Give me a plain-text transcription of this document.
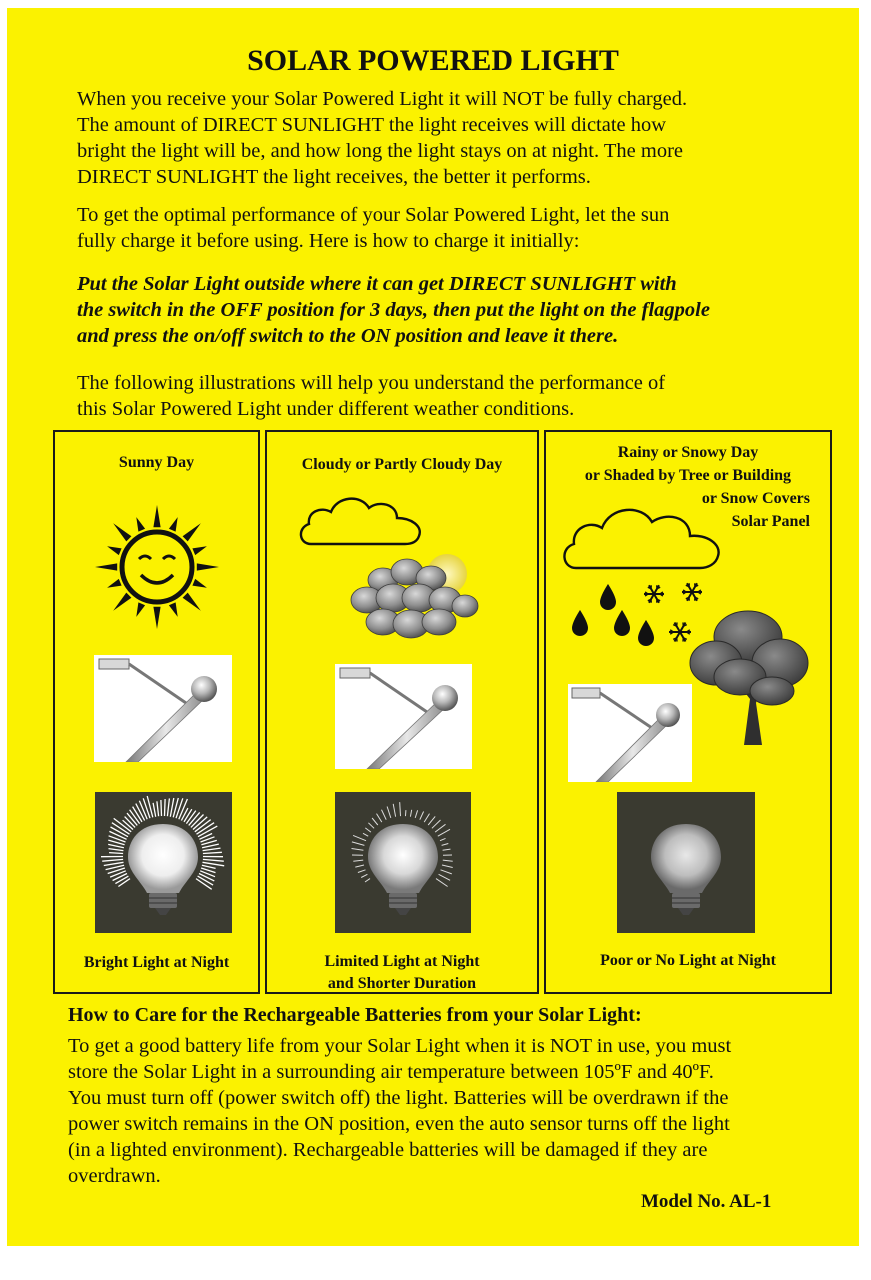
SOLAR POWERED LIGHT
When you receive your Solar Powered Light it will NOT be fully charged.
The amount of DIRECT SUNLIGHT the light receives will dictate how
bright the light will be, and how long the light stays on at night. The more
DIRECT SUNLIGHT the light receives, the better it performs.
To get the optimal performance of your Solar Powered Light, let the sun
fully charge it before using. Here is how to charge it initially:
Put the Solar Light outside where it can get DIRECT SUNLIGHT with
the switch in the OFF position for 3 days, then put the light on the flagpole
and press the on/off switch to the ON position and leave it there.
The following illustrations will help you understand the performance of
this Solar Powered Light under different weather conditions.
Sunny Day
Bright Light at Night
Cloudy or Partly Cloudy Day
Limited Light at Night
and Shorter Duration
Rainy or Snowy Day
or Shaded by Tree or Building
or Snow Covers
Solar Panel
Poor or No Light at Night
How to Care for the Rechargeable Batteries from your Solar Light:
To get a good battery life from your Solar Light when it is NOT in use, you must
store the Solar Light in a surrounding air temperature between 105ºF and 40ºF.
You must turn off (power switch off) the light. Batteries will be overdrawn if the
power switch remains in the ON position, even the auto sensor turns off the light
(in a lighted environment). Rechargeable batteries will be damaged if they are
overdrawn.
Model No. AL-1
